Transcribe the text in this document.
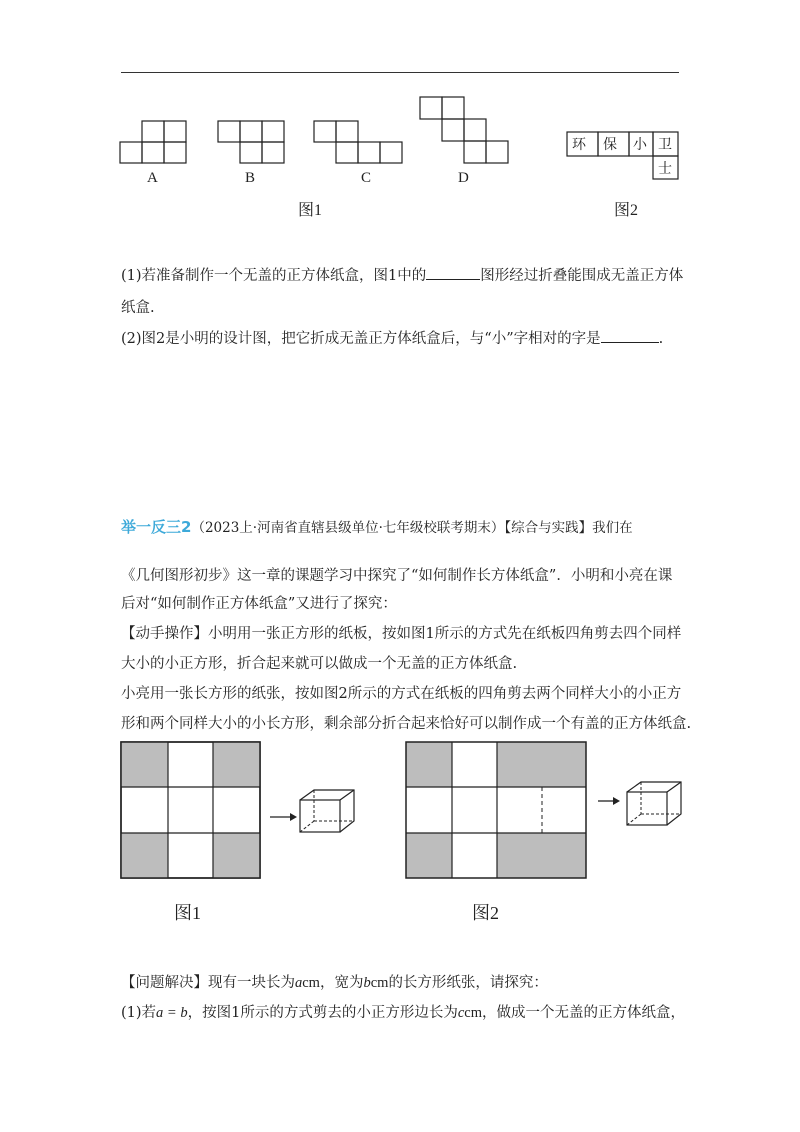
A	B	C	D
图1	图2
环 保 小 卫
士
(1)若准备制作一个无盖的正方体纸盒，图1中的	图形经过折叠能围成无盖正方体
纸盒.
(2)图2是小明的设计图，把它折成无盖正方体纸盒后，与“小”字相对的字是	.
举一反三2（2023上·河南省直辖县级单位·七年级校联考期末）【综合与实践】我们在
《几何图形初步》这一章的课题学习中探究了“如何制作长方体纸盒”．小明和小亮在课
后对“如何制作正方体纸盒”又进行了探究：
【动手操作】小明用一张正方形的纸板，按如图1所示的方式先在纸板四角剪去四个同样
大小的小正方形，折合起来就可以做成一个无盖的正方体纸盒.
小亮用一张长方形的纸张，按如图2所示的方式在纸板的四角剪去两个同样大小的小正方
形和两个同样大小的小长方形，剩余部分折合起来恰好可以制作成一个有盖的正方体纸盒.
图1	图2
【问题解决】现有一块长为acm，宽为bcm的长方形纸张，请探究：
(1)若a = b，按图1所示的方式剪去的小正方形边长为ccm，做成一个无盖的正方体纸盒，
